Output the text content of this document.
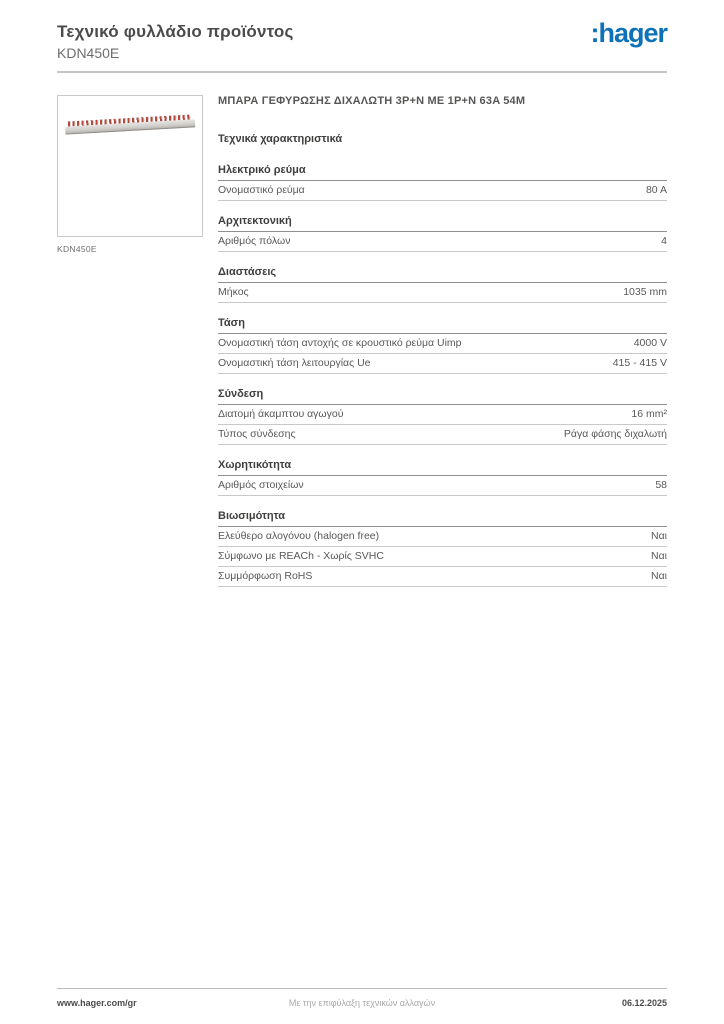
Τεχνικό φυλλάδιο προϊόντος
KDN450E
:hager
KDN450E
ΜΠΑΡΑ ΓΕΦΥΡΩΣΗΣ ΔΙΧΑΛΩΤΗ 3P+N ΜΕ 1P+N 63A 54M
Τεχνικά χαρακτηριστικά
Ηλεκτρικό ρεύμα
Ονομαστικό ρεύμα	80 A
Αρχιτεκτονική
Αριθμός πόλων	4
Διαστάσεις
Μήκος	1035 mm
Τάση
Ονομαστική τάση αντοχής σε κρουστικό ρεύμα Uimp	4000 V
Ονομαστική τάση λειτουργίας Ue	415 - 415 V
Σύνδεση
Διατομή άκαμπτου αγωγού	16 mm²
Τύπος σύνδεσης	Ράγα φάσης διχαλωτή
Χωρητικότητα
Αριθμός στοιχείων	58
Βιωσιμότητα
Ελεύθερο αλογόνου (halogen free)	Ναι
Σύμφωνο με REACh - Χωρίς SVHC	Ναι
Συμμόρφωση RoHS	Ναι
www.hager.com/gr	Με την επιφύλαξη τεχνικών αλλαγών	06.12.2025
